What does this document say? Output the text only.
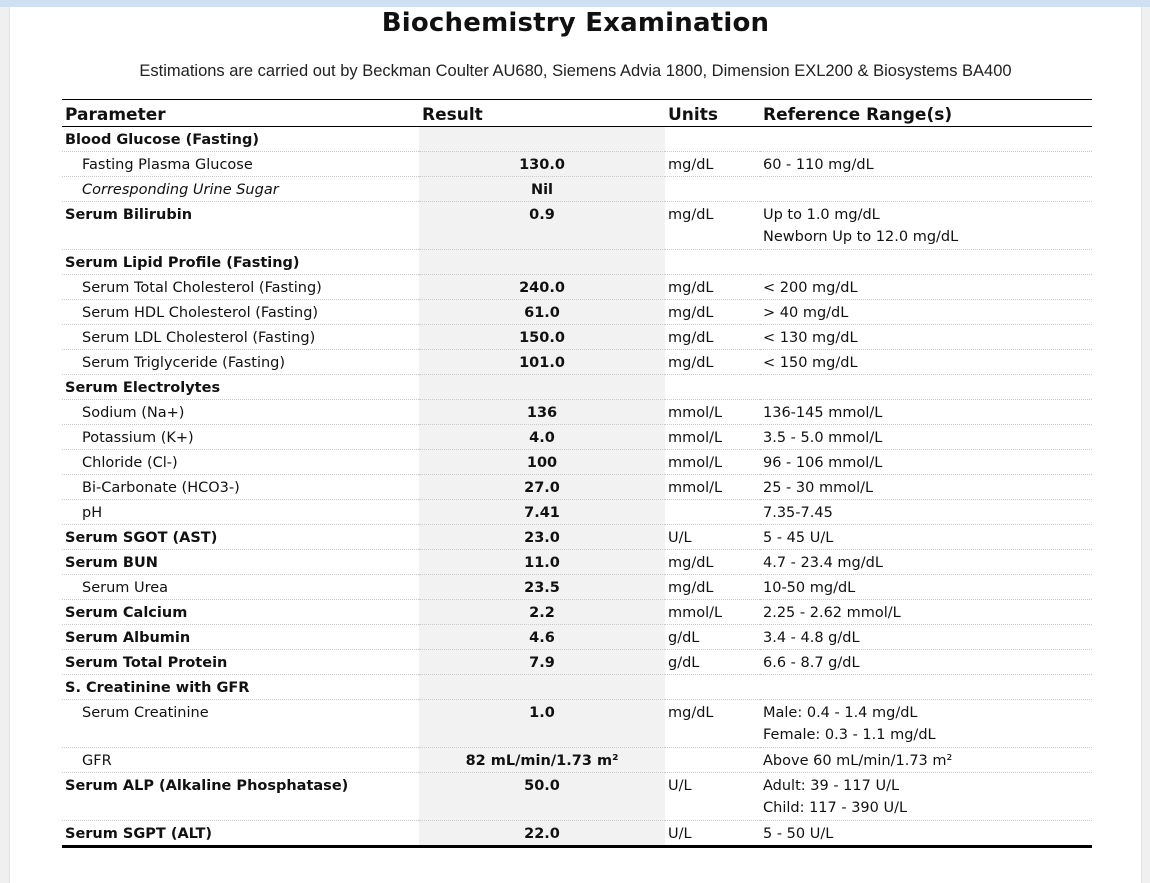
Biochemistry Examination
Estimations are carried out by Beckman Coulter AU680, Siemens Advia 1800, Dimension EXL200 & Biosystems BA400
Parameter	Result	Units	Reference Range(s)
Blood Glucose (Fasting)			
Fasting Plasma Glucose	130.0	mg/dL	60 - 110 mg/dL
Corresponding Urine Sugar	Nil		
Serum Bilirubin	0.9	mg/dL	Up to 1.0 mg/dL
Newborn Up to 12.0 mg/dL
Serum Lipid Profile (Fasting)			
Serum Total Cholesterol (Fasting)	240.0	mg/dL	< 200 mg/dL
Serum HDL Cholesterol (Fasting)	61.0	mg/dL	> 40 mg/dL
Serum LDL Cholesterol (Fasting)	150.0	mg/dL	< 130 mg/dL
Serum Triglyceride (Fasting)	101.0	mg/dL	< 150 mg/dL
Serum Electrolytes			
Sodium (Na+)	136	mmol/L	136-145 mmol/L
Potassium (K+)	4.0	mmol/L	3.5 - 5.0 mmol/L
Chloride (Cl-)	100	mmol/L	96 - 106 mmol/L
Bi-Carbonate (HCO3-)	27.0	mmol/L	25 - 30 mmol/L
pH	7.41		7.35-7.45
Serum SGOT (AST)	23.0	U/L	5 - 45 U/L
Serum BUN	11.0	mg/dL	4.7 - 23.4 mg/dL
Serum Urea	23.5	mg/dL	10-50 mg/dL
Serum Calcium	2.2	mmol/L	2.25 - 2.62 mmol/L
Serum Albumin	4.6	g/dL	3.4 - 4.8 g/dL
Serum Total Protein	7.9	g/dL	6.6 - 8.7 g/dL
S. Creatinine with GFR			
Serum Creatinine	1.0	mg/dL	Male: 0.4 - 1.4 mg/dL
Female: 0.3 - 1.1 mg/dL
GFR	82 mL/min/1.73 m²		Above 60 mL/min/1.73 m²
Serum ALP (Alkaline Phosphatase)	50.0	U/L	Adult: 39 - 117 U/L
Child: 117 - 390 U/L
Serum SGPT (ALT)	22.0	U/L	5 - 50 U/L
